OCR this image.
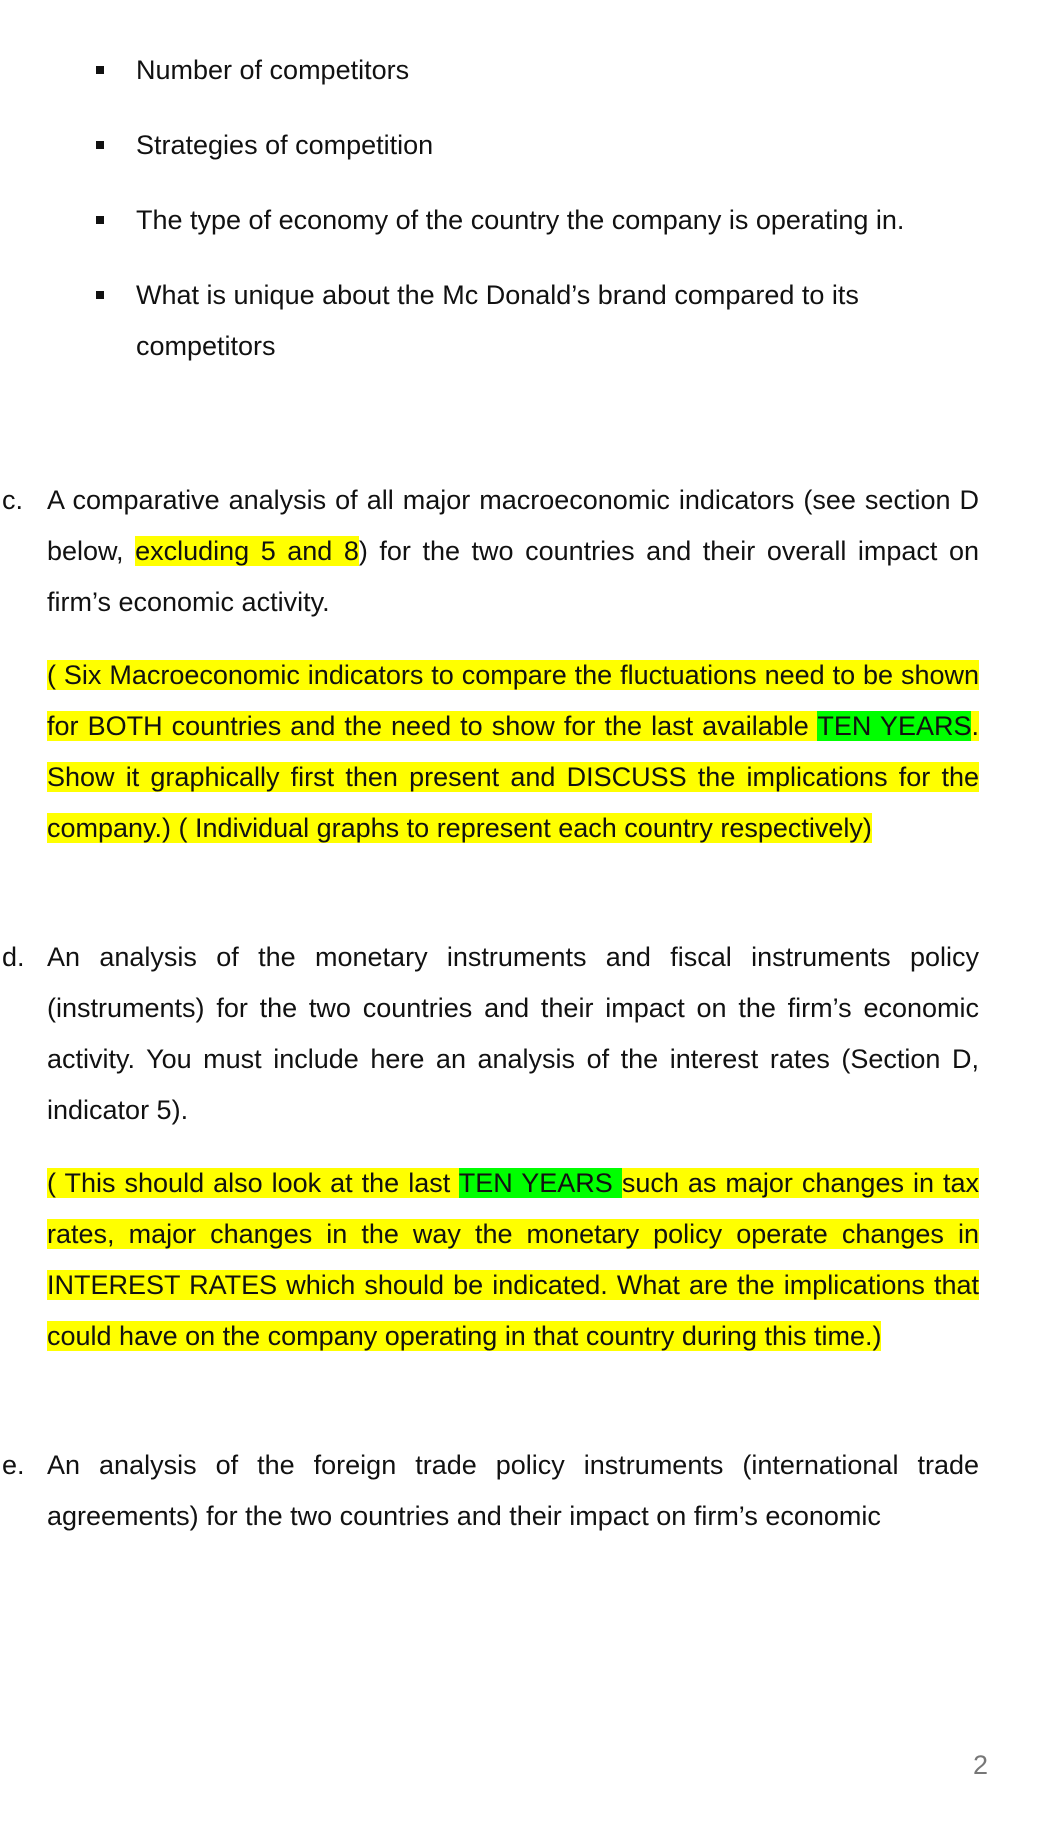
Number of competitors
Strategies of competition
The type of economy of the country the company is operating in.
What is unique about the Mc Donald’s brand compared to its competitors
c. A comparative analysis of all major macroeconomic indicators (see section D below, excluding 5 and 8) for the two countries and their overall impact on firm’s economic activity.

( Six Macroeconomic indicators to compare the fluctuations need to be shown for BOTH countries and the need to show for the last available TEN YEARS. Show it graphically first then present and DISCUSS the implications for the company.) ( Individual graphs to represent each country respectively)

d. An analysis of the monetary instruments and fiscal instruments policy (instruments) for the two countries and their impact on the firm’s economic activity. You must include here an analysis of the interest rates (Section D, indicator 5).

( This should also look at the last TEN YEARS such as major changes in tax rates, major changes in the way the monetary policy operate changes in INTEREST RATES which should be indicated. What are the implications that could have on the company operating in that country during this time.)

e. An analysis of the foreign trade policy instruments (international trade agreements) for the two countries and their impact on firm’s economic

2
